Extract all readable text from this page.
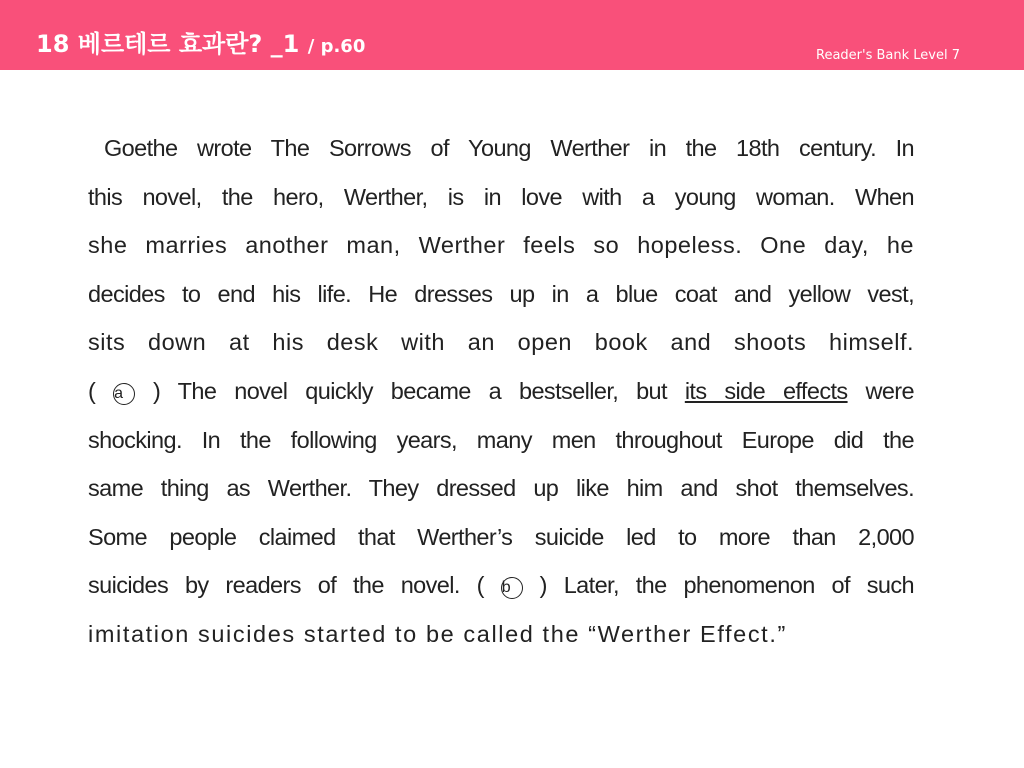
18 베르테르 효과란? _1 / p.60	Reader's Bank Level 7
Goethe wrote The Sorrows of Young Werther in the 18th century. In
this novel, the hero, Werther, is in love with a young woman. When
she marries another man, Werther feels so hopeless. One day, he
decides to end his life. He dresses up in a blue coat and yellow vest,
sits down at his desk with an open book and shoots himself.
( a ) The novel quickly became a bestseller, but its side effects were
shocking. In the following years, many men throughout Europe did the
same thing as Werther. They dressed up like him and shot themselves.
Some people claimed that Werther’s suicide led to more than 2,000
suicides by readers of the novel. ( b ) Later, the phenomenon of such
imitation suicides started to be called the “Werther Effect.”
